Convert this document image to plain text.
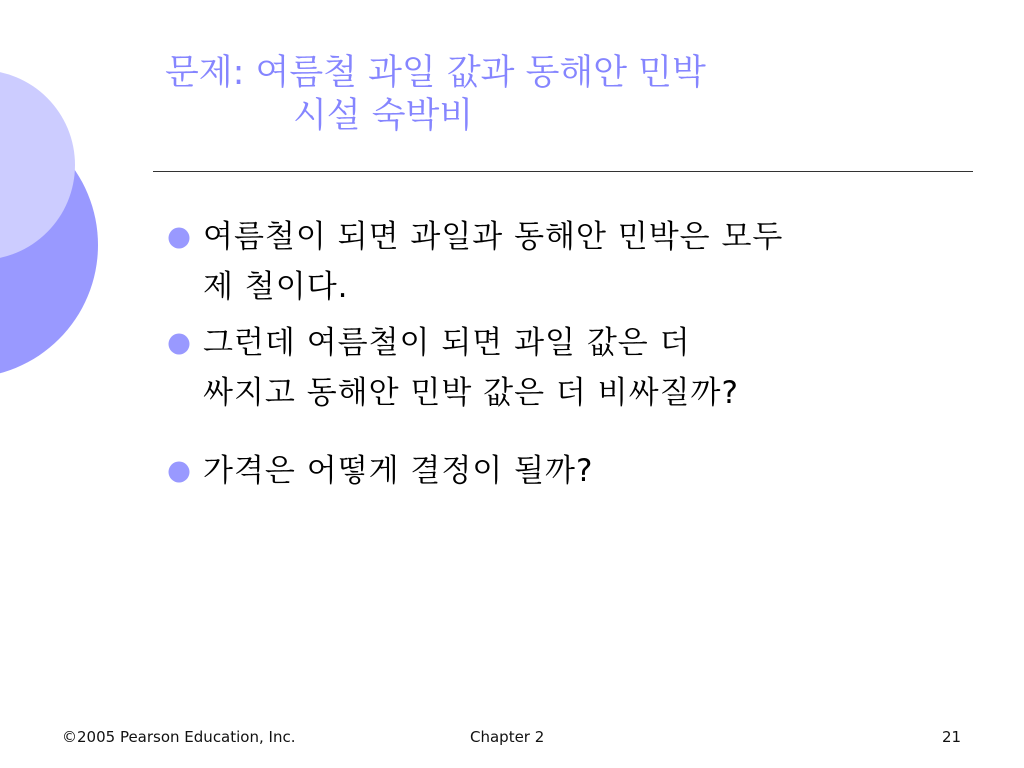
문제: 여름철 과일 값과 동해안 민박
시설 숙박비
여름철이 되면 과일과 동해안 민박은 모두
제 철이다.
그런데 여름철이 되면 과일 값은 더
싸지고 동해안 민박 값은 더 비싸질까?
가격은 어떻게 결정이 될까?
©2005 Pearson Education, Inc.	Chapter 2	21
